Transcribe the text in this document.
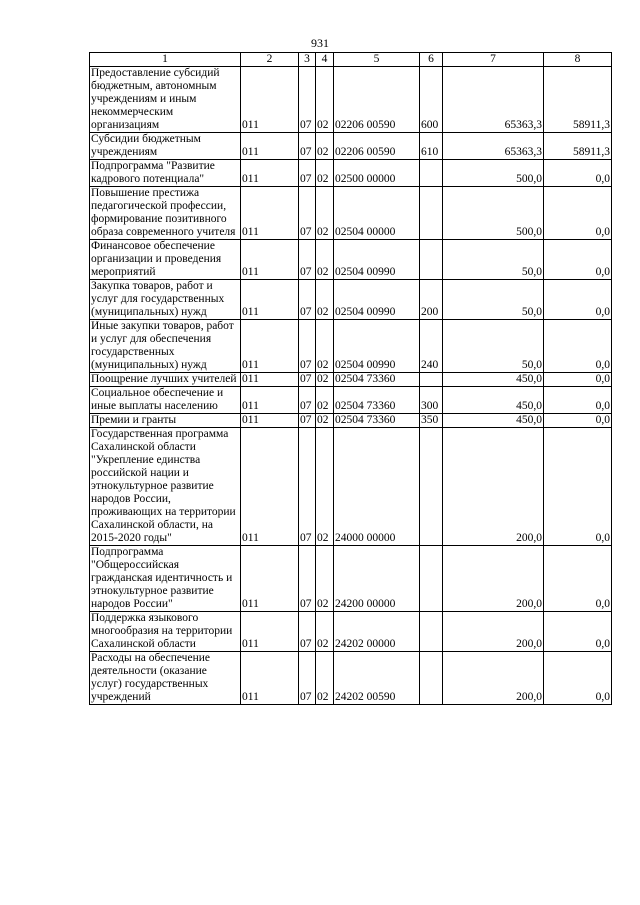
931
1	2	3	4	5	6	7	8
Предоставление субсидий бюджетным, автономным учреждениям и иным некоммерческим организациям	011	07	02	02206 00590	600	65363,3	58911,3
Субсидии бюджетным учреждениям	011	07	02	02206 00590	610	65363,3	58911,3
Подпрограмма "Развитие кадрового потенциала"	011	07	02	02500 00000		500,0	0,0
Повышение престижа педагогической профессии, формирование позитивного образа современного учителя	011	07	02	02504 00000		500,0	0,0
Финансовое обеспечение организации и проведения мероприятий	011	07	02	02504 00990		50,0	0,0
Закупка товаров, работ и услуг для государственных (муниципальных) нужд	011	07	02	02504 00990	200	50,0	0,0
Иные закупки товаров, работ и услуг для обеспечения государственных (муниципальных) нужд	011	07	02	02504 00990	240	50,0	0,0
Поощрение лучших учителей	011	07	02	02504 73360		450,0	0,0
Социальное обеспечение и иные выплаты населению	011	07	02	02504 73360	300	450,0	0,0
Премии и гранты	011	07	02	02504 73360	350	450,0	0,0
Государственная программа Сахалинской области "Укрепление единства российской нации и этнокультурное развитие народов России, проживающих на территории Сахалинской области, на 2015-2020 годы"	011	07	02	24000 00000		200,0	0,0
Подпрограмма "Общероссийская гражданская идентичность и этнокультурное развитие народов России"	011	07	02	24200 00000		200,0	0,0
Поддержка языкового многообразия на территории Сахалинской области	011	07	02	24202 00000		200,0	0,0
Расходы на обеспечение деятельности (оказание услуг) государственных учреждений	011	07	02	24202 00590		200,0	0,0
